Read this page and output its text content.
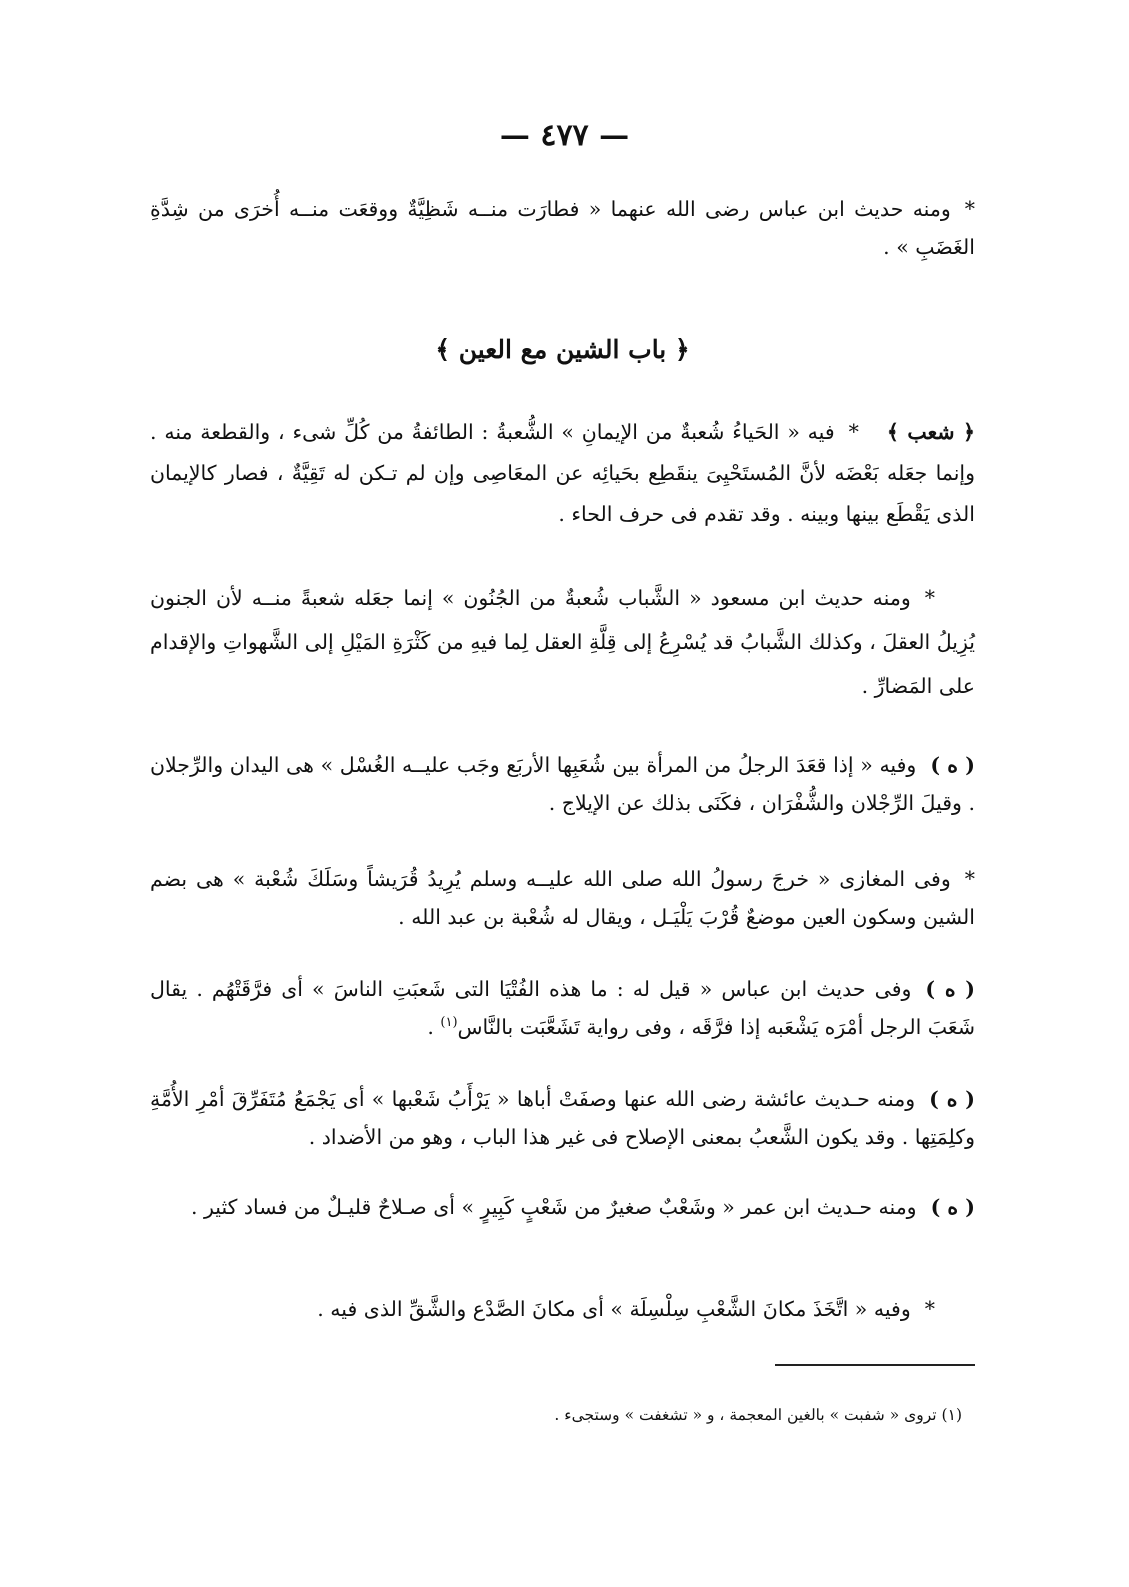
— ٤٧٧ —
*ومنه حديث ابن عباس رضى الله عنهما « فطارَت منــه شَظِيَّةٌ ووقعَت منــه أُخرَى من شِدَّةِ الغَضَبِ » .
﴿ باب الشين مع العين ﴾
﴿ شعب ﴾*فيه « الحَياءُ شُعبةٌ من الإيمانِ » الشُّعبةُ : الطائفةُ من كُلِّ شىء ، والقطعة منه . وإنما جعَله بَعْضَه لأنَّ المُستَحْيِىَ ينقَطِع بحَيائِه عن المعَاصِى وإن لم تـكن له تَقِيَّةٌ ، فصار كالإيمان الذى يَقْطَع بينها وبينه . وقد تقدم فى حرف الحاء .
*ومنه حديث ابن مسعود « الشَّباب شُعبةٌ من الجُنُون » إنما جعَله شعبةً منــه لأن الجنون يُزِيلُ العقلَ ، وكذلك الشَّبابُ قد يُسْرِعُ إلى قِلَّةِ العقل لِما فيهِ من كَثْرَةِ المَيْلِ إلى الشَّهواتِ والإقدام على المَضارِّ .
( ه )وفيه « إذا قعَدَ الرجلُ من المرأة بين شُعَبِها الأربَع وجَب عليــه الغُسْل » هى اليدان والرِّجلان . وقيلَ الرِّجْلان والشُّفْرَان ، فكَنَى بذلك عن الإيلاج .
*وفى المغازى « خرجَ رسولُ الله صلى الله عليــه وسلم يُرِيدُ قُرَيشاً وسَلَكَ شُعْبة » هى بضم الشين وسكون العين موضعٌ قُرْبَ يَلْيَـل ، ويقال له شُعْبة بن عبد الله .
( ه )وفى حديث ابن عباس « قيل له : ما هذه الفُتْيَا التى شَعبَتِ الناسَ » أى فرَّقَتْهُم . يقال شَعَبَ الرجل أمْرَه يَشْعَبه إذا فرَّقَه ، وفى رواية تَشَعَّبَت بالنَّاس$^{(١)}$ .
( ه )ومنه حـديث عائشة رضى الله عنها وصفَتْ أباها « يَرْأَبُ شَعْبها » أى يَجْمَعُ مُتَفَرِّقَ أمْرِ الأُمَّةِ وكلِمَتِها . وقد يكون الشَّعبُ بمعنى الإصلاح فى غير هذا الباب ، وهو من الأضداد .
( ه )ومنه حـديث ابن عمر « وشَعْبٌ صغيرٌ من شَعْبٍ كَبِيرٍ » أى صـلاحٌ قليـلٌ من فساد كثير .
*وفيه « اتَّخَذَ مكانَ الشَّعْبِ سِلْسِلَة » أى مكانَ الصَّدْع والشَّقِّ الذى فيه .
(١) تروى « شفبت » بالغين المعجمة ، و « تشغفت » وستجىء .
